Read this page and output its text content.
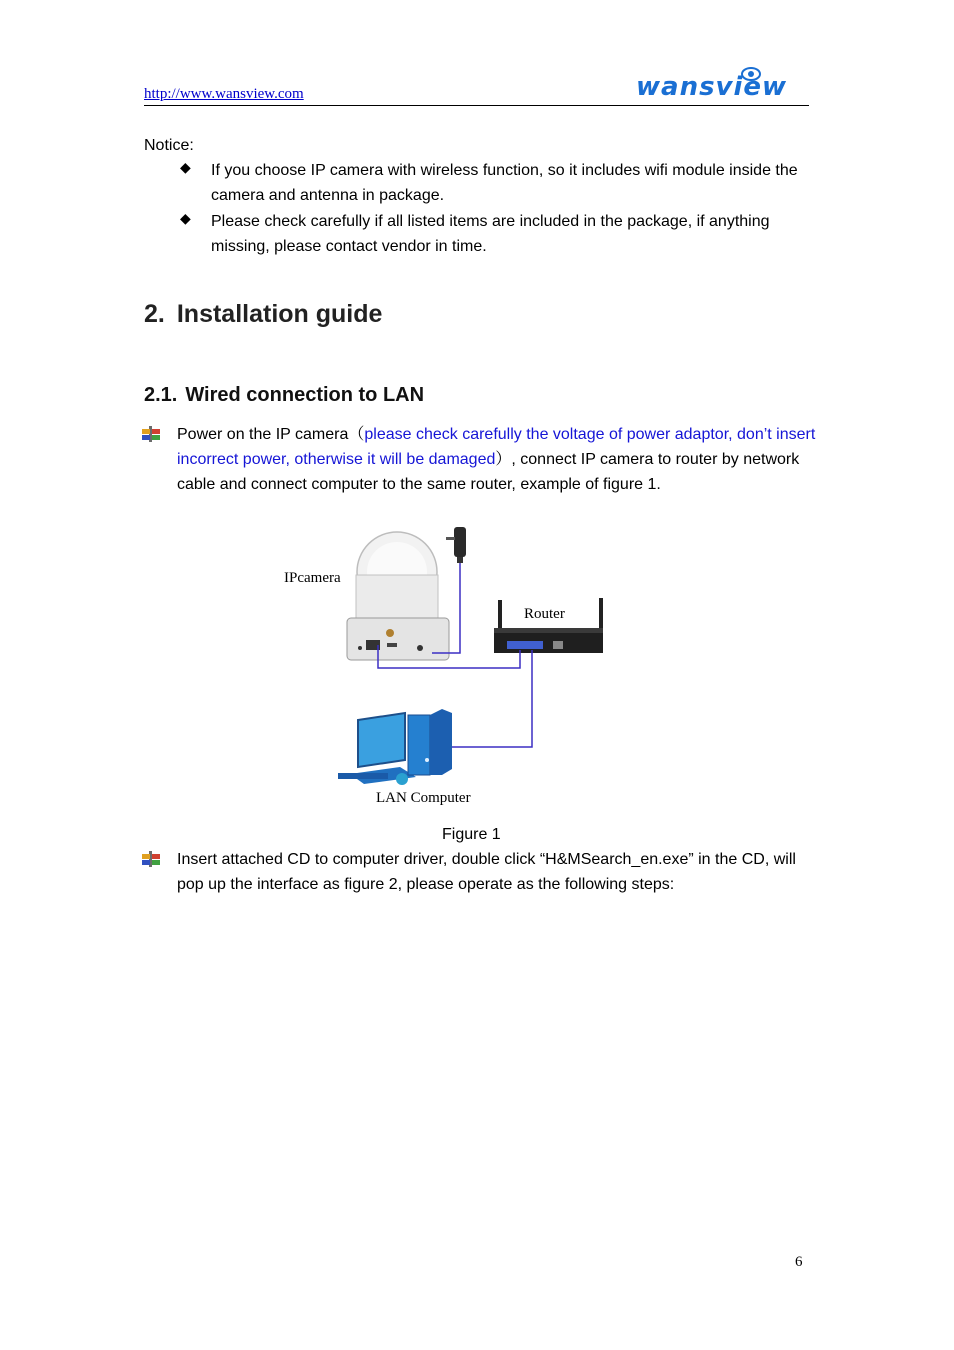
http://www.wansview.com	wansview
Notice:
◆ If you choose IP camera with wireless function, so it includes wifi module inside the camera and antenna in package.
◆ Please check carefully if all listed items are included in the package, if anything missing, please contact vendor in time.
2. Installation guide
2.1. Wired connection to LAN
Power on the IP camera（please check carefully the voltage of power adaptor, don’t insert incorrect power, otherwise it will be damaged）, connect IP camera to router by network cable and connect computer to the same router, example of figure 1.
IPcamera
Router
LAN Computer
Figure 1
Insert attached CD to computer driver, double click “H&MSearch_en.exe” in the CD, will pop up the interface as figure 2, please operate as the following steps:
6
